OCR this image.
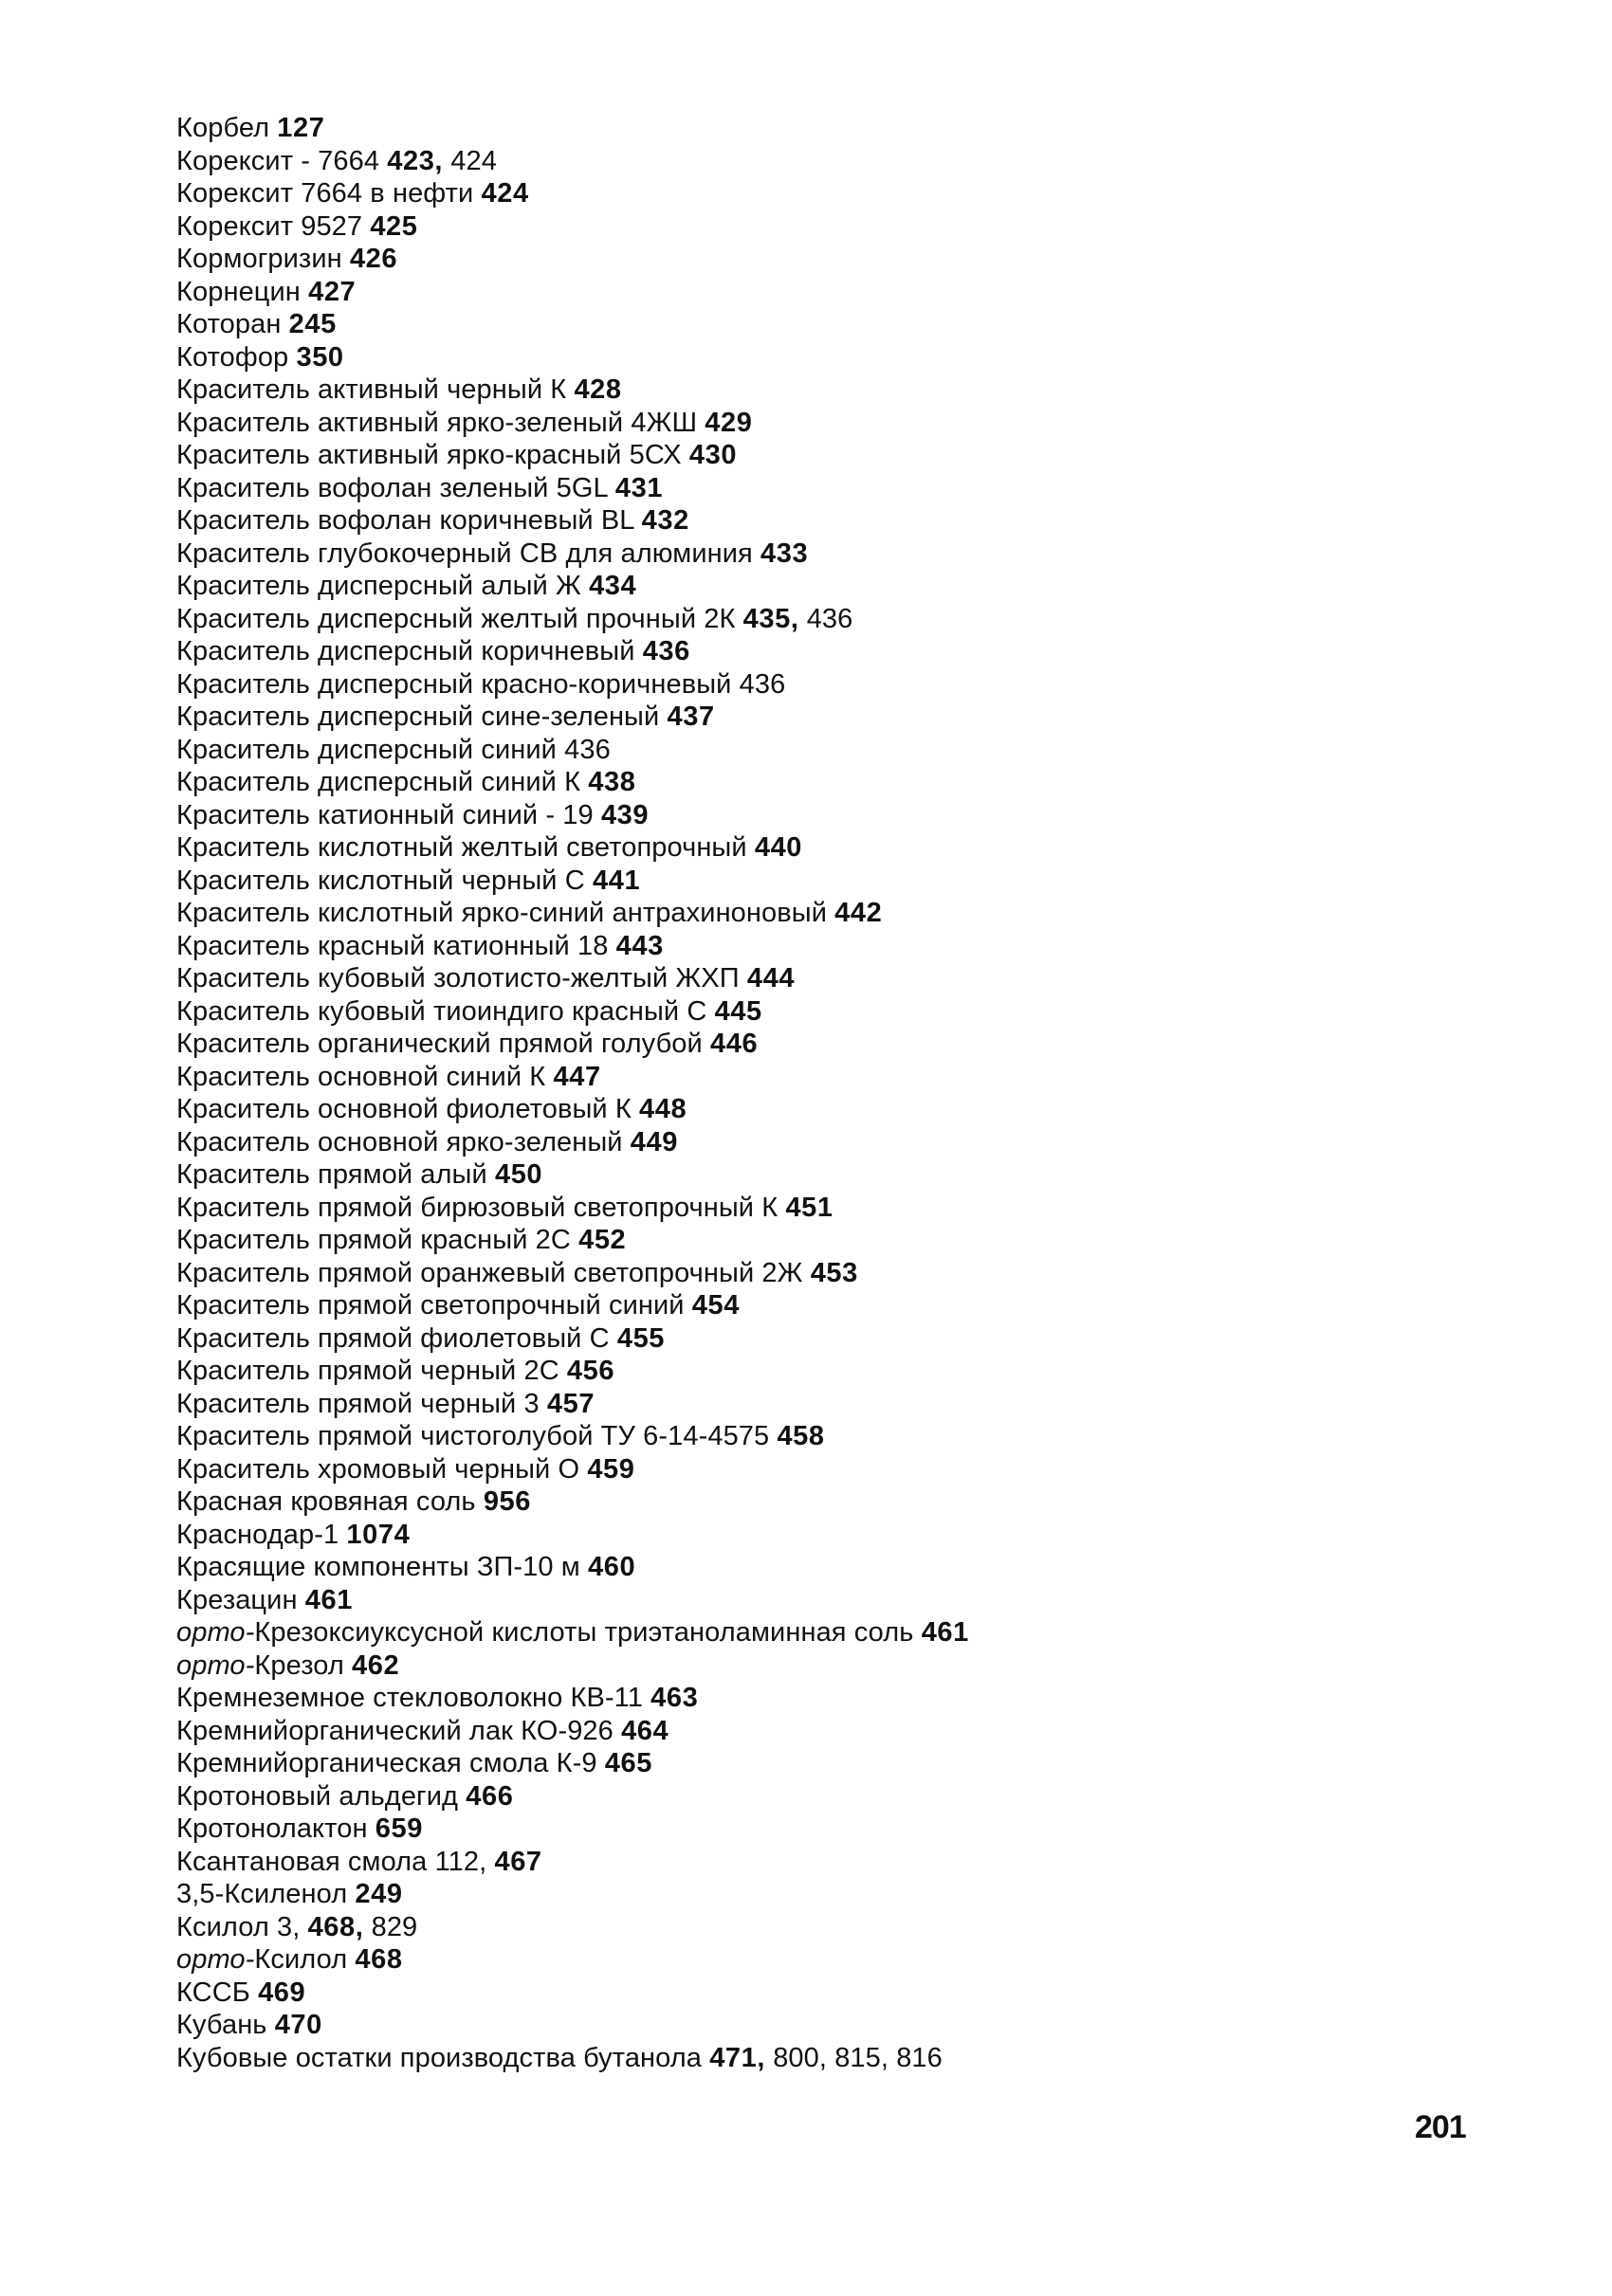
Корбел 127
Корексит - 7664 423, 424
Корексит 7664 в нефти 424
Корексит 9527 425
Кормогризин 426
Корнецин 427
Которан 245
Котофор 350
Краситель активный черный К 428
Краситель активный ярко-зеленый 4ЖШ 429
Краситель активный ярко-красный 5СХ 430
Краситель вофолан зеленый 5GL 431
Краситель вофолан коричневый BL 432
Краситель глубокочерный СВ для алюминия 433
Краситель дисперсный алый Ж 434
Краситель дисперсный желтый прочный 2К 435, 436
Краситель дисперсный коричневый 436
Краситель дисперсный красно-коричневый 436
Краситель дисперсный сине-зеленый 437
Краситель дисперсный синий 436
Краситель дисперсный синий К 438
Краситель катионный синий - 19 439
Краситель кислотный желтый светопрочный 440
Краситель кислотный черный С 441
Краситель кислотный ярко-синий антрахиноновый 442
Краситель красный катионный 18 443
Краситель кубовый золотисто-желтый ЖХП 444
Краситель кубовый тиоиндиго красный С 445
Краситель органический прямой голубой 446
Краситель основной синий К 447
Краситель основной фиолетовый К 448
Краситель основной ярко-зеленый 449
Краситель прямой алый 450
Краситель прямой бирюзовый светопрочный К 451
Краситель прямой красный 2С 452
Краситель прямой оранжевый светопрочный 2Ж 453
Краситель прямой светопрочный синий 454
Краситель прямой фиолетовый С 455
Краситель прямой черный 2С 456
Краситель прямой черный 3 457
Краситель прямой чистоголубой ТУ 6-14-4575 458
Краситель хромовый черный О 459
Красная кровяная соль 956
Краснодар-1 1074
Красящие компоненты ЗП-10 м 460
Крезацин 461
орто-Крезоксиуксусной кислоты триэтаноламинная соль 461
орто-Крезол 462
Кремнеземное стекловолокно КВ-11 463
Кремнийорганический лак КО-926 464
Кремнийорганическая смола К-9 465
Кротоновый альдегид 466
Кротонолактон 659
Ксантановая смола 112, 467
3,5-Ксиленол 249
Ксилол 3, 468, 829
орто-Ксилол 468
КССБ 469
Кубань 470
Кубовые остатки производства бутанола 471, 800, 815, 816
201
